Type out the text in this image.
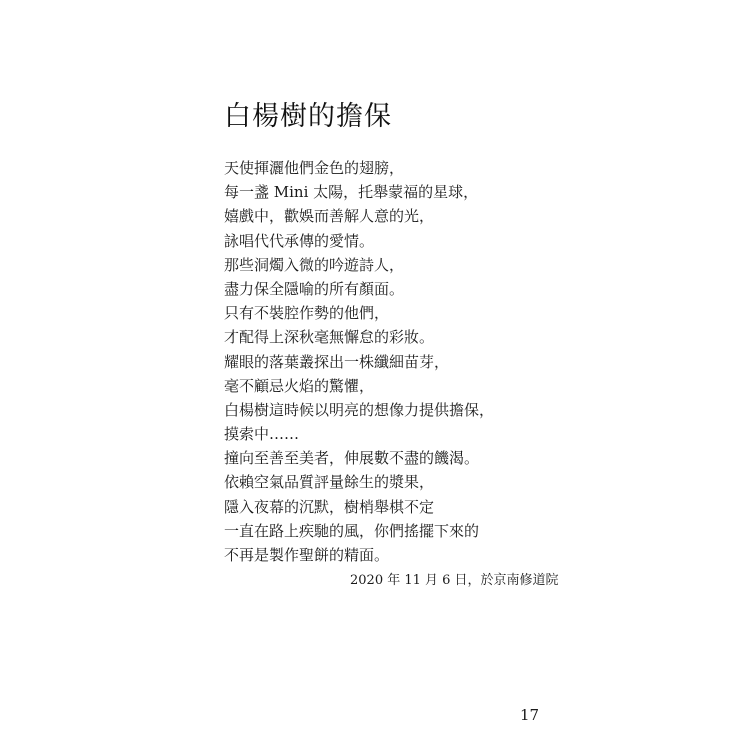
白楊樹的擔保
天使揮灑他們金色的翅膀，
每一盞 Mini 太陽，托舉蒙福的星球，
嬉戲中，歡娛而善解人意的光，
詠唱代代承傳的愛情。
那些洞燭入微的吟遊詩人，
盡力保全隱喻的所有顏面。
只有不裝腔作勢的他們，
才配得上深秋毫無懈怠的彩妝。
耀眼的落葉叢探出一株纖細苗芽，
毫不顧忌火焰的驚懼，
白楊樹這時候以明亮的想像力提供擔保，
摸索中……
撞向至善至美者，伸展數不盡的饑渴。
依賴空氣品質評量餘生的漿果，
隱入夜幕的沉默，樹梢舉棋不定
一直在路上疾馳的風，你們搖擺下來的
不再是製作聖餅的精面。
2020 年 11 月 6 日，於京南修道院
17
